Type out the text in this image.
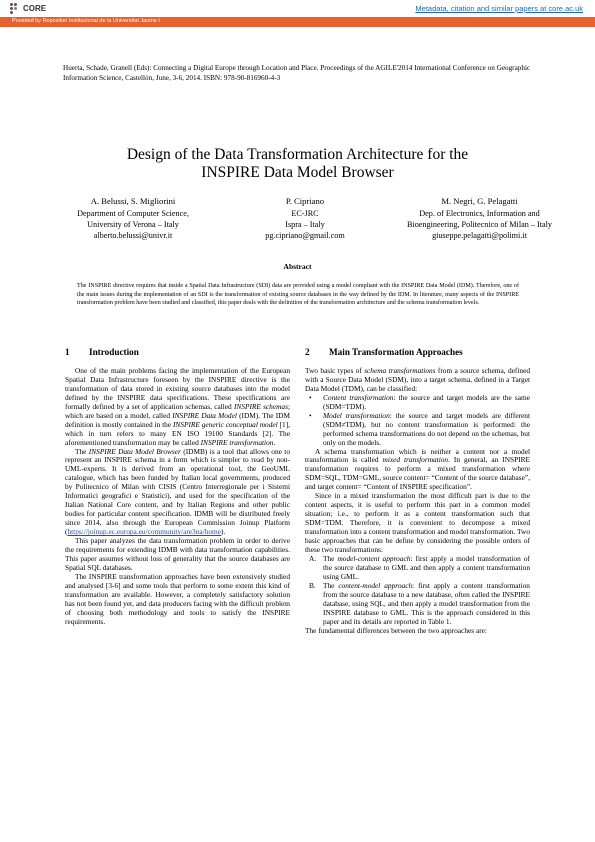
CORE	Metadata, citation and similar papers at core.ac.uk
Provided by Repositori Institucional de la Universitat Jaume I
Huerta, Schade, Granell (Eds): Connecting a Digital Europe through Location and Place. Proceedings of the AGILE'2014 International Conference on Geographic Information Science, Castellón, June, 3-6, 2014. ISBN: 978-90-816960-4-3
Design of the Data Transformation Architecture for the
INSPIRE Data Model Browser
A. Belussi, S. Migliorini
Department of Computer Science,
University of Verona – Italy
alberto.belussi@univr.it
P. Cipriano
EC-JRC
Ispra – Italy
pg.cipriano@gmail.com
M. Negri, G. Pelagatti
Dep. of Electronics, Information and
Bioengineering, Politecnico of Milan – Italy
giuseppe.pelagatti@polimi.it
Abstract
The INSPIRE directive requires that inside a Spatial Data Infrastructure (SDI) data are provided using a model compliant with the INSPIRE Data Model (IDM). Therefore, one of the main issues during the implementation of an SDI is the transformation of existing source databases in the way defined by the IDM. In literature, many aspects of the INSPIRE transformation problem have been studied and classified, this paper deals with the definition of the transformation architecture and the schema transformation levels.
1	Introduction

One of the main problems facing the implementation of the European Spatial Data Infrastructure foreseen by the INSPIRE directive is the transformation of data stored in existing source databases into the model defined by the INSPIRE data specifications. These specifications are formally defined by a set of application schemas, called INSPIRE schemas; which are based on a model, called INSPIRE Data Model (IDM). The IDM definition is mostly contained in the INSPIRE generic conceptual model [1], which in turn refers to many EN ISO 19100 Standards [2]. The aforementioned transformation may be called INSPIRE transformation.

The INSPIRE Data Model Browser (IDMB) is a tool that allows one to represent an INSPIRE schema in a form which is simpler to read by non-UML-experts. It is derived from an operational tool, the GeoUML catalogue, which has been funded by Italian local governments, produced by Politecnico of Milan with CISIS (Centro Interregionale per i Sistemi Informatici geografici e Statistici), and used for the specification of the Italian National Core content, and by Italian Regions and other public bodies for particular content specification. IDMB will be distributed freely since 2014, also through the European Commission Joinup Platform (https://joinup.ec.europa.eu/community/are3na/home).

This paper analyzes the data transformation problem in order to derive the requirements for extending IDMB with data transformation capabilities. This paper assumes without loss of generality that the source databases are Spatial SQL databases.

The INSPIRE transformation approaches have been extensively studied and analysed [3-6] and some tools that perform to some extent this kind of transformation are available. However, a completely satisfactory solution has not been found yet, and data producers facing with the difficult problem of choosing both methodology and tools to satisfy the INSPIRE requirements.

2	Main Transformation Approaches

Two basic types of schema transformations from a source schema, defined with a Source Data Model (SDM), into a target schema, defined in a Target Data Model (TDM), can be classified:

•	Content transformation: the source and target models are the same (SDM=TDM).
•	Model transformation: the source and target models are different (SDM≠TDM), but no content transformation is performed: the performed schema transformations do not depend on the schemas, but only on the models.

A schema transformation which is neither a content nor a model transformation is called mixed transformation. In general, an INSPIRE transformation requires to perform a mixed transformation where SDM=SQL, TDM=GML, source content= “Content of the source database”, and target content= “Content of INSPIRE specification”.

Since in a mixed transformation the most difficult part is due to the content aspects, it is useful to perform this part in a common model situation; i.e., to perform it as a content transformation such that SDM=TDM. Therefore, it is convenient to decompose a mixed transformation into a content transformation and model transformation. Two basic approaches that can be define by considering the possible orders of these two transformations:

A. The model-content approach: first apply a model transformation of the source database to GML and then apply a content transformation using GML.
B. The content-model approach: first apply a content transformation from the source database to a new database, often called the INSPIRE database, using SQL, and then apply a model transformation from the INSPIRE database to GML. This is the approach considered in this paper and its details are reported in Table 1.

The fundamental differences between the two approaches are:
